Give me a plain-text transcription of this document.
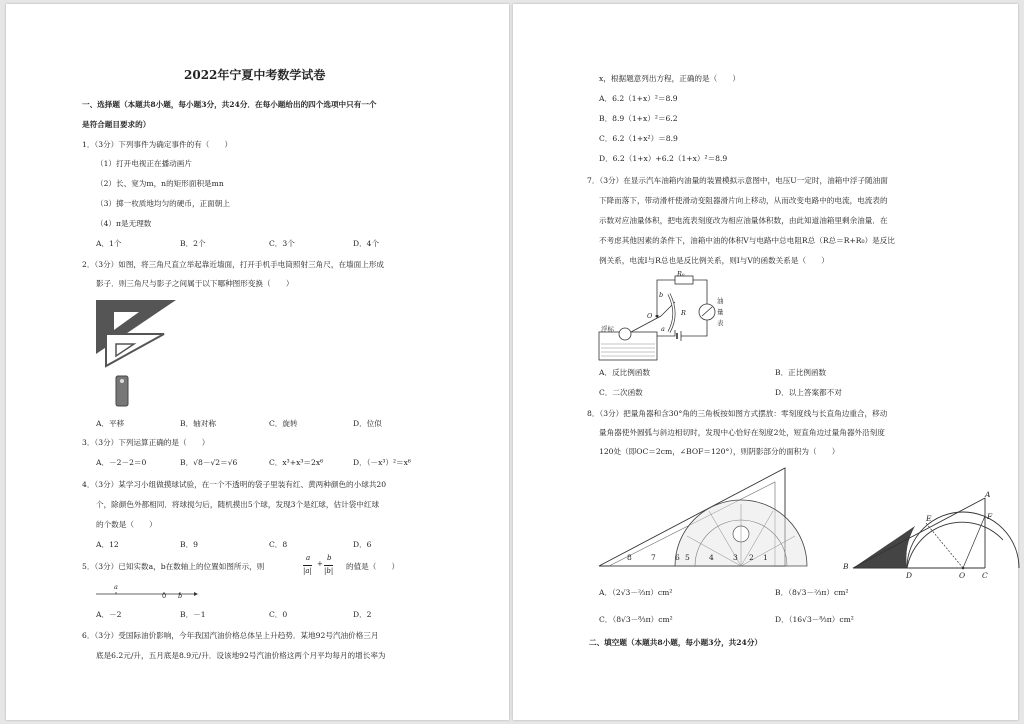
2022年宁夏中考数学试卷
一、选择题（本题共8小题，每小题3分，共24分．在每小题给出的四个选项中只有一个
是符合题目要求的）
1．（3分）下列事件为确定事件的有（　　）
（1）打开电视正在播动画片
（2）长、宽为m，n的矩形面积是mn
（3）掷一枚质地均匀的硬币，正面朝上
（4）π是无理数
A．1个	B．2个	C．3个	D．4个
2．（3分）如图，将三角尺直立举起靠近墙面，打开手机手电筒照射三角尺，在墙面上形成
影子．则三角尺与影子之间属于以下哪种图形变换（　　）
A．平移	B．轴对称	C．旋转	D．位似
3．（3分）下列运算正确的是（　　）
A．－2－2＝0	B．√8－√2＝√6	C．x³+x³＝2x⁶	D．（－x³）²＝x⁶
4．（3分）某学习小组做摸球试验，在一个不透明的袋子里装有红、黄两种颜色的小球共20
个，除颜色外都相同．将球搅匀后，随机摸出5个球，发现3个是红球，估计袋中红球
的个数是（　　）
A．12	B．9	C．8	D．6
5．（3分）已知实数a，b在数轴上的位置如图所示，则
a
|a|
+
b
|b| 的值是（　　）
a
0 b
A．－2	B．－1	C．0	D．2
6．（3分）受国际油价影响，今年我国汽油价格总体呈上升趋势．某地92号汽油价格三月
底是6.2元/升，五月底是8.9元/升．设该地92号汽油价格这两个月平均每月的增长率为
x，根据题意列出方程，正确的是（　　）
A．6.2（1+x）²＝8.9
B．8.9（1+x）²＝6.2
C．6.2（1+x²）＝8.9
D．6.2（1+x）+6.2（1+x）²＝8.9
7．（3分）在显示汽车油箱内油量的装置模拟示意图中，电压U一定时，油箱中浮子随油面
下降而落下，带动滑杆使滑动变阻器滑片向上移动，从而改变电路中的电流，电流表的
示数对应油量体积，把电流表刻度改为相应油量体积数，由此知道油箱里剩余油量．在
不考虑其他因素的条件下，油箱中油的体积V与电路中总电阻R总（R总＝R+R₀）是反比
例关系，电流I与R总也是反比例关系，则I与V的函数关系是（　　）
R₀
b
O	R
a
浮标
油量表
A．反比例函数	B．正比例函数
C．二次函数	D．以上答案都不对
8．（3分）把量角器和含30°角的三角板按如图方式摆放：零刻度线与长直角边重合，移动
量角器使外圆弧与斜边相切时，发现中心恰好在刻度2处，短直角边过量角器外沿刻度
120处（即OC＝2cm，∠BOF＝120°），则阴影部分的面积为（　　）
8	7	6 5	4	3 2 1
B
D
E
A
F
O C
A．（2√3－⅔π）cm²	B．（8√3－⅔π）cm²
C．（8√3－⁸⁄₃π）cm²	D．（16√3－⁸⁄₃π）cm²
二、填空题（本题共8小题，每小题3分，共24分）
